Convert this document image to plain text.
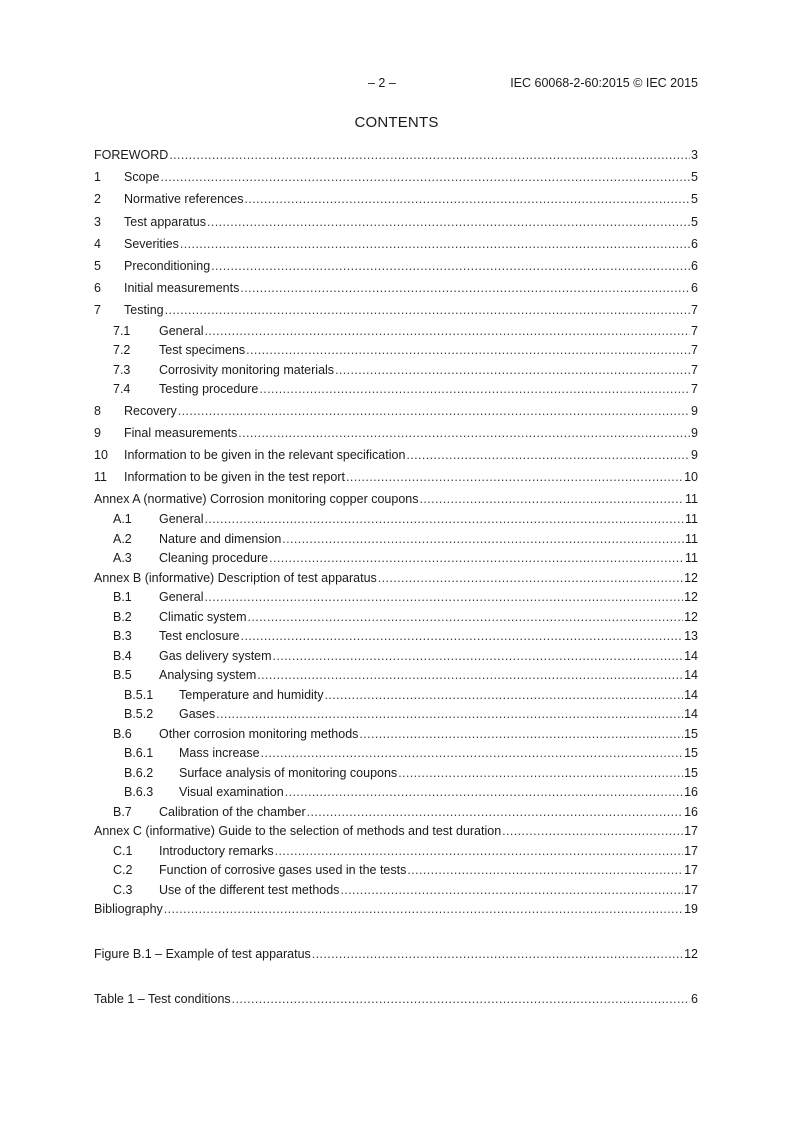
– 2 –	IEC 60068-2-60:2015 © IEC 2015
CONTENTS
FOREWORD .....	3
1	Scope .....	5
2	Normative references .....	5
3	Test apparatus .....	5
4	Severities .....	6
5	Preconditioning .....	6
6	Initial measurements .....	6
7	Testing .....	7
7.1	General .....	7
7.2	Test specimens .....	7
7.3	Corrosivity monitoring materials .....	7
7.4	Testing procedure .....	7
8	Recovery .....	9
9	Final measurements .....	9
10	Information to be given in the relevant specification .....	9
11	Information to be given in the test report .....	10
Annex A (normative) Corrosion monitoring copper coupons .....	11
A.1	General .....	11
A.2	Nature and dimension .....	11
A.3	Cleaning procedure .....	11
Annex B (informative) Description of test apparatus .....	12
B.1	General .....	12
B.2	Climatic system .....	12
B.3	Test enclosure .....	13
B.4	Gas delivery system .....	14
B.5	Analysing system .....	14
B.5.1	Temperature and humidity .....	14
B.5.2	Gases .....	14
B.6	Other corrosion monitoring methods .....	15
B.6.1	Mass increase .....	15
B.6.2	Surface analysis of monitoring coupons .....	15
B.6.3	Visual examination .....	16
B.7	Calibration of the chamber .....	16
Annex C (informative) Guide to the selection of methods and test duration .....	17
C.1	Introductory remarks .....	17
C.2	Function of corrosive gases used in the tests .....	17
C.3	Use of the different test methods .....	17
Bibliography .....	19
Figure B.1 – Example of test apparatus .....	12
Table 1 – Test conditions .....	6
